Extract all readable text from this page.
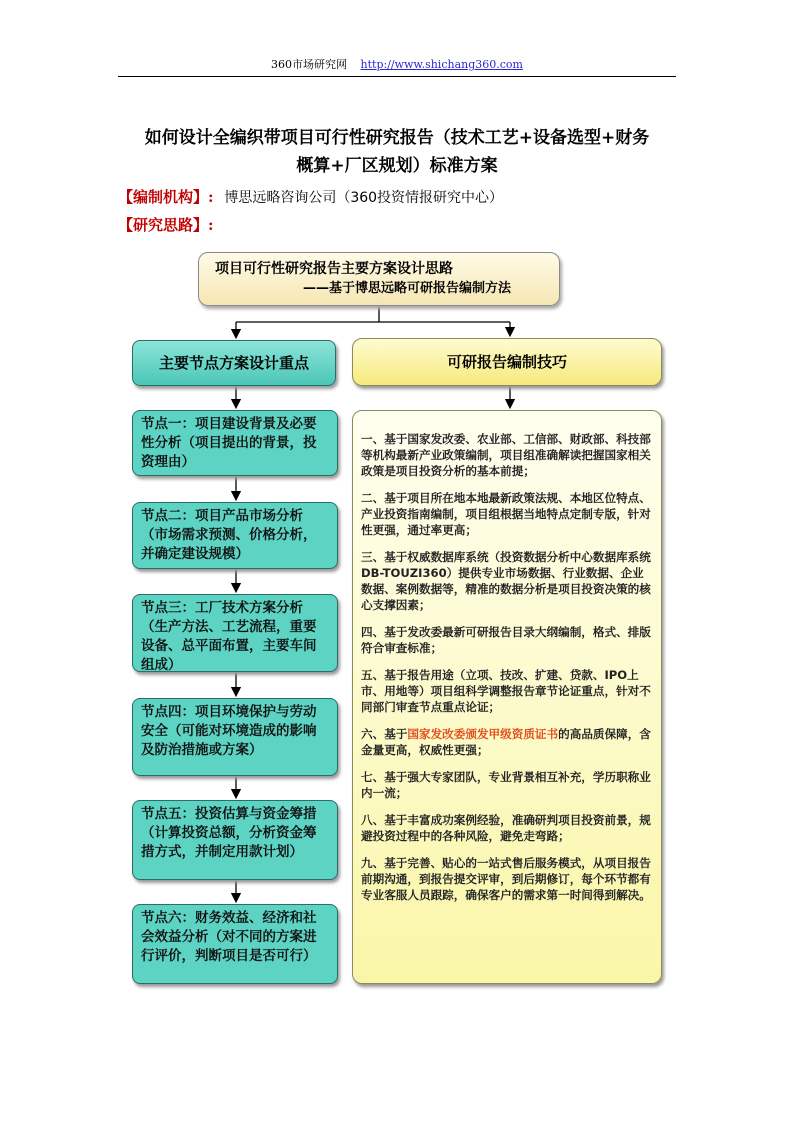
360市场研究网 http://www.shichang360.com
如何设计全编织带项目可行性研究报告（技术工艺+设备选型+财务
概算+厂区规划）标准方案
【编制机构】: 博思远略咨询公司（360投资情报研究中心）
【研究思路】:
项目可行性研究报告主要方案设计思路
——基于博思远略可研报告编制方法
主要节点方案设计重点	可研报告编制技巧
节点一：项目建设背景及必要性分析（项目提出的背景，投资理由）
节点二：项目产品市场分析（市场需求预测、价格分析，并确定建设规模）
节点三：工厂技术方案分析（生产方法、工艺流程，重要设备、总平面布置，主要车间组成）
节点四：项目环境保护与劳动安全（可能对环境造成的影响及防治措施或方案）
节点五：投资估算与资金筹措（计算投资总额，分析资金筹措方式，并制定用款计划）
节点六：财务效益、经济和社会效益分析（对不同的方案进行评价，判断项目是否可行）

一、基于国家发改委、农业部、工信部、财政部、科技部等机构最新产业政策编制，项目组准确解读把握国家相关政策是项目投资分析的基本前提；

二、基于项目所在地本地最新政策法规、本地区位特点、产业投资指南编制，项目组根据当地特点定制专版，针对性更强，通过率更高；

三、基于权威数据库系统（投资数据分析中心数据库系统DB-TOUZI360）提供专业市场数据、行业数据、企业数据、案例数据等，精准的数据分析是项目投资决策的核心支撑因素；

四、基于发改委最新可研报告目录大纲编制，格式、排版符合审查标准；

五、基于报告用途（立项、技改、扩建、贷款、IPO上市、用地等）项目组科学调整报告章节论证重点，针对不同部门审查节点重点论证；

六、基于国家发改委颁发甲级资质证书的高品质保障，含金量更高，权威性更强；

七、基于强大专家团队，专业背景相互补充，学历职称业内一流；

八、基于丰富成功案例经验，准确研判项目投资前景，规避投资过程中的各种风险，避免走弯路；

九、基于完善、贴心的一站式售后服务模式，从项目报告前期沟通，到报告提交评审，到后期修订，每个环节都有专业客服人员跟踪，确保客户的需求第一时间得到解决。
